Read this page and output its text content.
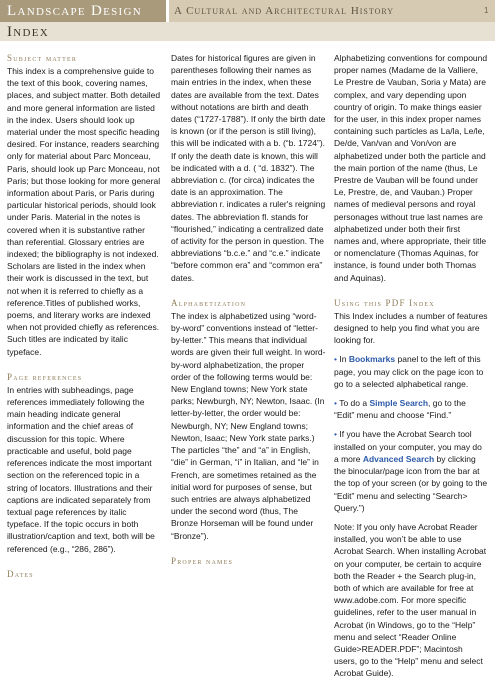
Landscape Design	A Cultural and Architectural History	1
Index
Subject matter

This index is a comprehensive guide to the text of this book, covering names, places, and subject matter. Both detailed and more general information are listed in the index. Users should look up material under the most specific heading desired. For instance, readers searching only for material about Parc Monceau, Paris, should look up Parc Monceau, not Paris; but those looking for more general information about Paris, or Paris during particular historical periods, should look under Paris. Material in the notes is covered when it is substantive rather than referential. Glossary entries are indexed; the bibliography is not indexed. Scholars are listed in the index when their work is discussed in the text, but not when it is referred to chiefly as a reference.Titles of published works, poems, and literary works are indexed when not provided chiefly as references. Such titles are indicated by italic typeface.

Page references

In entries with subheadings, page references immediately following the main heading indicate general information and the chief areas of discussion for this topic. Where practicable and useful, bold page references indicate the most important section on the referenced topic in a string of locators. Illustrations and their captions are indicated separately from textual page references by italic typeface. If the topic occurs in both illustration/caption and text, both will be referenced (e.g., “286, 286”).

Dates

Dates for historical figures are given in parentheses following their names as main entries in the index, when these dates are available from the text. Dates without notations are birth and death dates (“1727-1788”). If only the birth date is known (or if the person is still living), this will be indicated with a b. (“b. 1724”). If only the death date is known, this will be indicated with a d. ( “d. 1832”). The abbreviation c. (for circa) indicates the date is an approximation. The abbreviation r. indicates a ruler's reigning dates. The abbreviation fl. stands for “flourished,” indicating a centralized date of activity for the person in question. The abbreviations “b.c.e.” and “c.e.” indicate “before common era” and “common era” dates.

Alphabetization

The index is alphabetized using “word-by-word” conventions instead of “letter-by-letter.” This means that individual words are given their full weight. In word-by-word alphabetization, the proper order of the following terms would be: New England towns; New York state parks; Newburgh, NY; Newton, Isaac. (In letter-by-letter, the order would be: Newburgh, NY; New England towns; Newton, Isaac; New York state parks.) The particles “the” and “a” in English, “die” in German, “i” in Italian, and “le” in French, are sometimes retained as the initial word for purposes of sense, but such entries are always alphabetized under the second word (thus, The Bronze Horseman will be found under “Bronze”).

Proper names

Alphabetizing conventions for compound proper names (Madame de la Valliere, Le Prestre de Vauban, Soria y Mata) are complex, and vary depending upon country of origin. To make things easier for the user, in this index proper names containing such particles as La/la, Le/le, De/de, Van/van and Von/von are alphabetized under both the particle and the main portion of the name (thus, Le Prestre de Vauban will be found under Le, Prestre, de, and Vauban.) Proper names of medieval persons and royal personages without true last names are alphabetized under both their first names and, where appropriate, their title or nomenclature (Thomas Aquinas, for instance, is found under both Thomas and Aquinas).

Using this PDF Index

This Index includes a number of features designed to help you find what you are looking for.

• In Bookmarks panel to the left of this page, you may click on the page icon to go to a selected alphabetical range.

• To do a Simple Search, go to the “Edit” menu and choose “Find.”

• If you have the Acrobat Search tool installed on your computer, you may do a more Advanced Search by clicking the binocular/page icon from the bar at the top of your screen (or by going to the “Edit” menu and selecting “Search> Query.”)

Note: If you only have Acrobat Reader installed, you won’t be able to use Acrobat Search. When installing Acrobat on your computer, be certain to acquire both the Reader + the Search plug-in, both of which are available for free at www.adobe.com. For more specific guidelines, refer to the user manual in Acrobat (in Windows, go to the “Help” menu and select “Reader Online Guide>READER.PDF”; Macintosh users, go to the “Help” menu and select Acrobat Guide).
